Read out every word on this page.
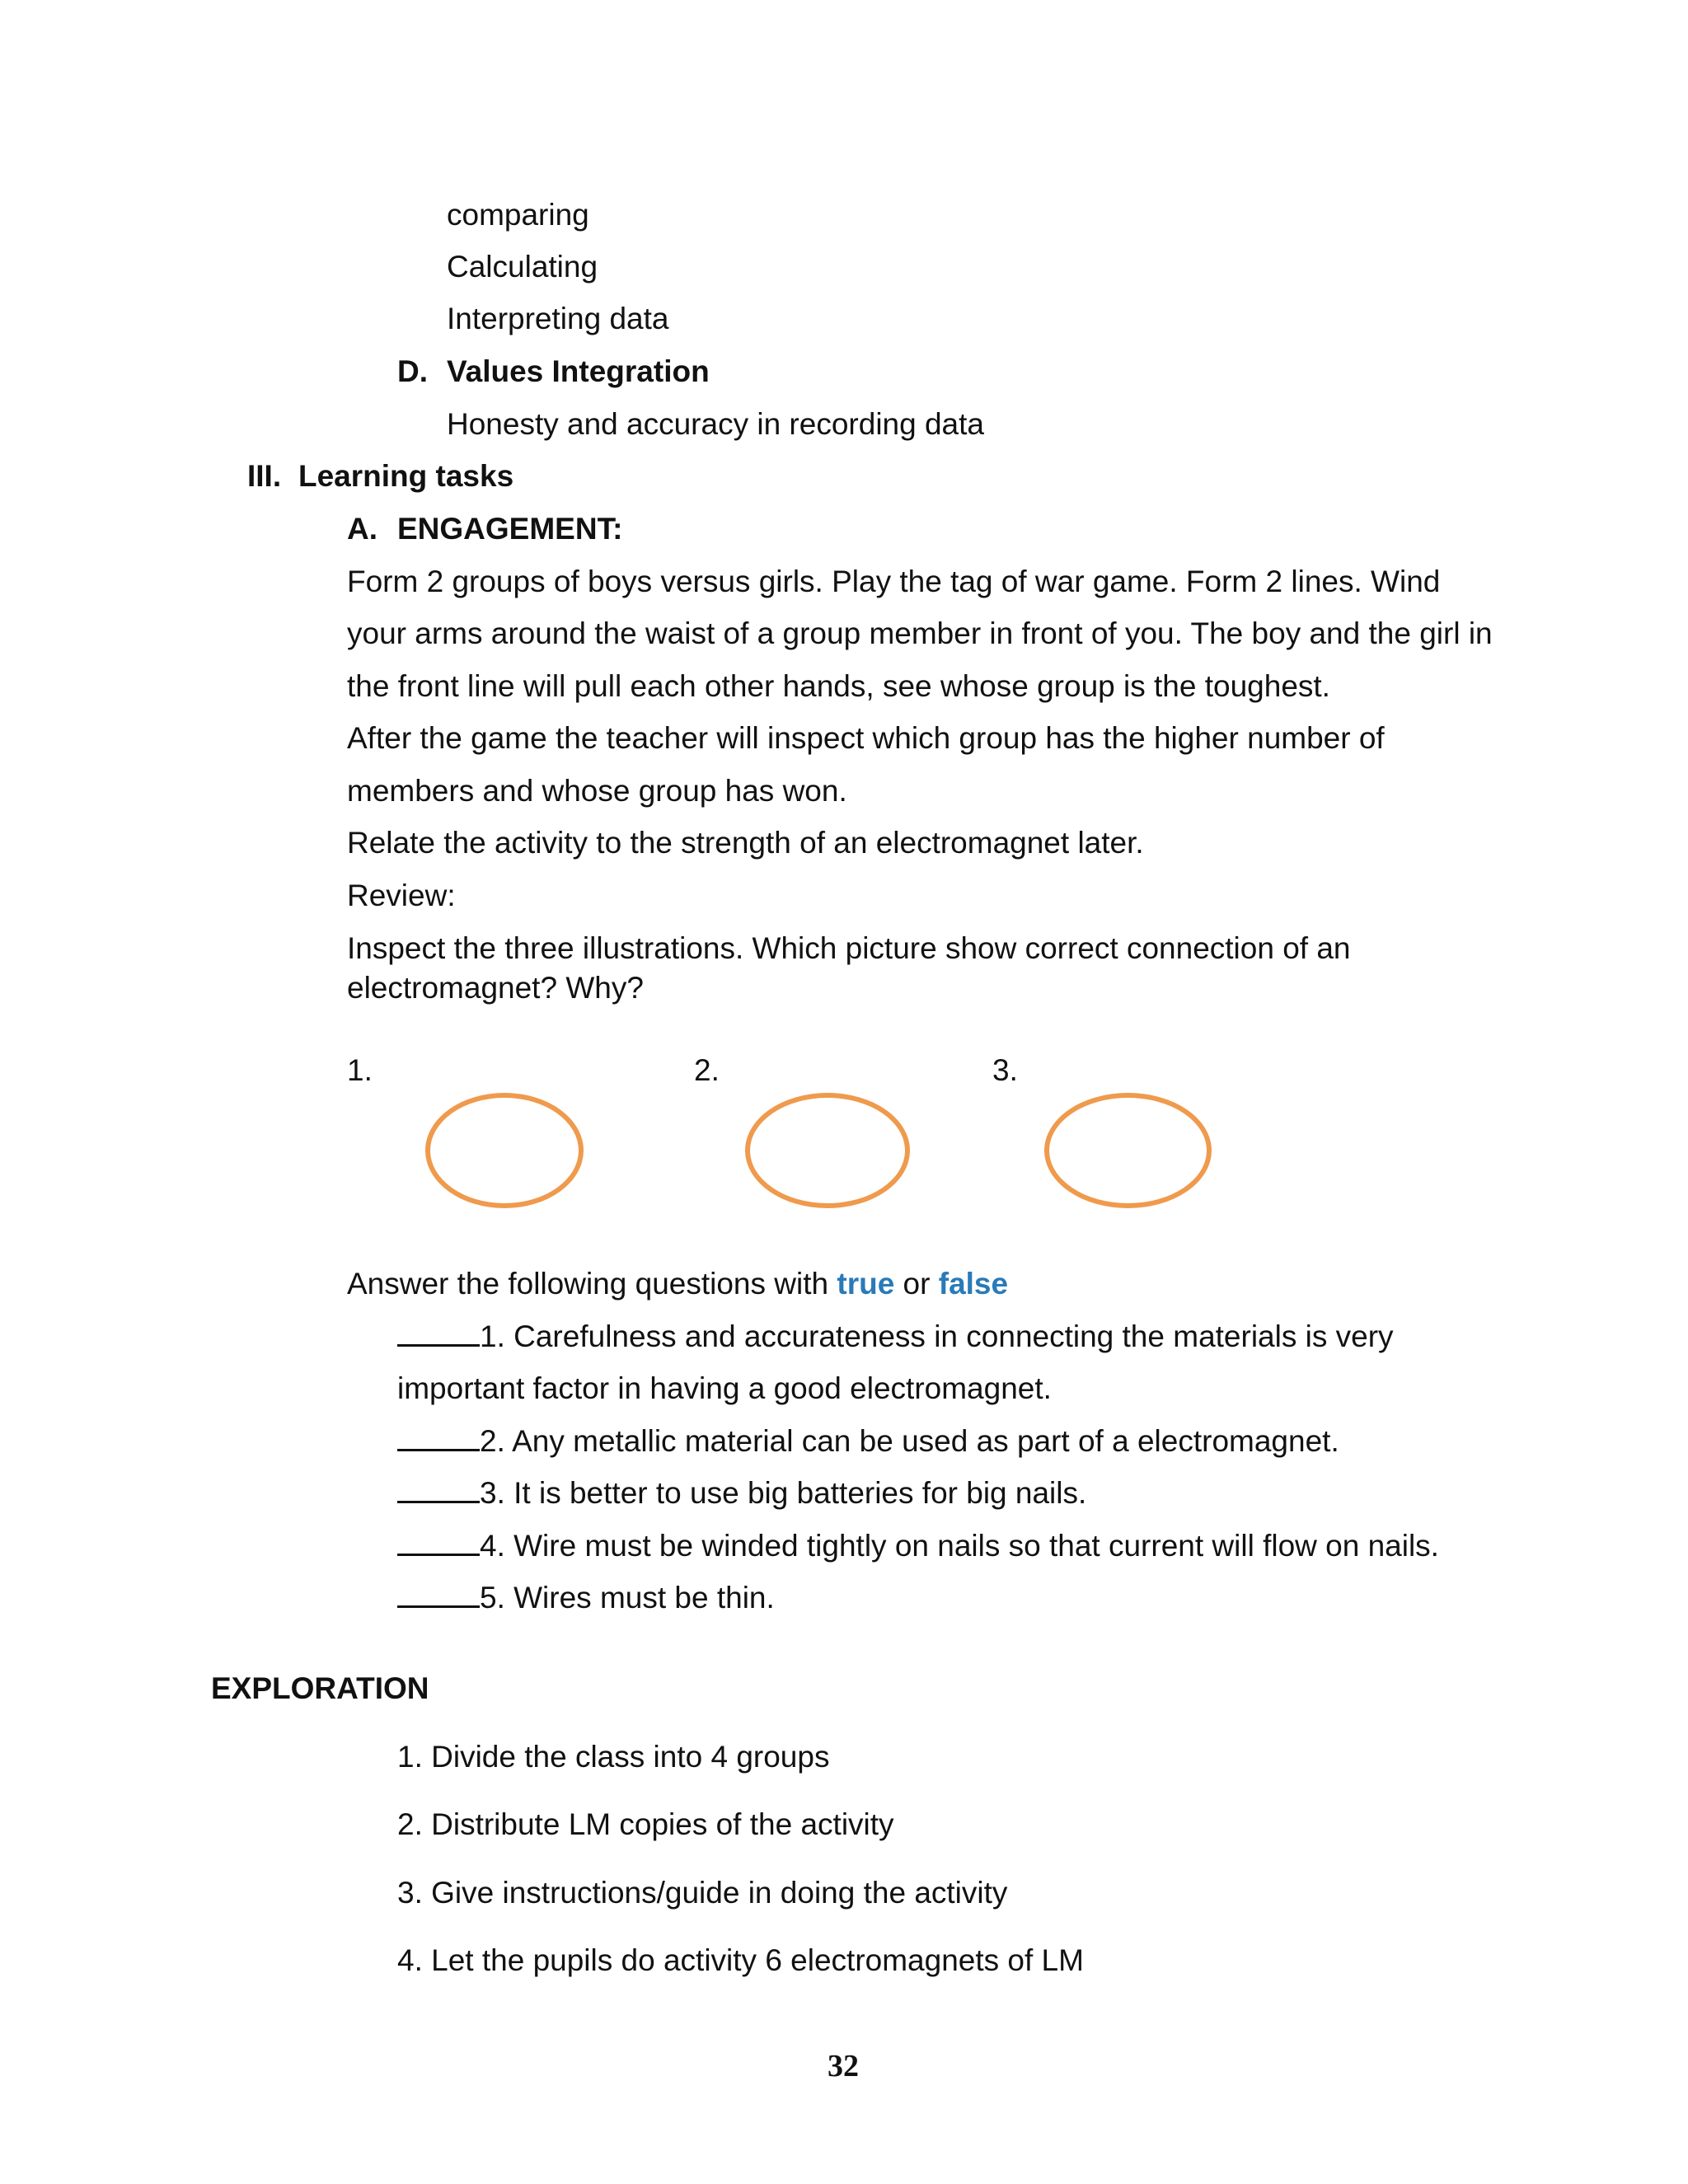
comparing
Calculating
Interpreting data
D. Values Integration
Honesty and accuracy in recording data
III. Learning tasks
A. ENGAGEMENT:
Form 2 groups of boys versus girls. Play the tag of war game. Form 2 lines. Wind
your arms around the waist of a group member in front of you. The boy and the girl in
the front line will pull each other hands, see whose group is the toughest.
After the game the teacher will inspect which group has the higher number of
members and whose group has won.
Relate the activity to the strength of an electromagnet later.
Review:
Inspect the three illustrations. Which picture show correct connection of an
electromagnet? Why?
1.	2.	3.
Answer the following questions with true or false
1. Carefulness and accurateness in connecting the materials is very
important factor in having a good electromagnet.
2. Any metallic material can be used as part of a electromagnet.
3. It is better to use big batteries for big nails.
4. Wire must be winded tightly on nails so that current will flow on nails.
5. Wires must be thin.
EXPLORATION
1. Divide the class into 4 groups
2. Distribute LM copies of the activity
3. Give instructions/guide in doing the activity
4. Let the pupils do activity 6 electromagnets of LM
32
